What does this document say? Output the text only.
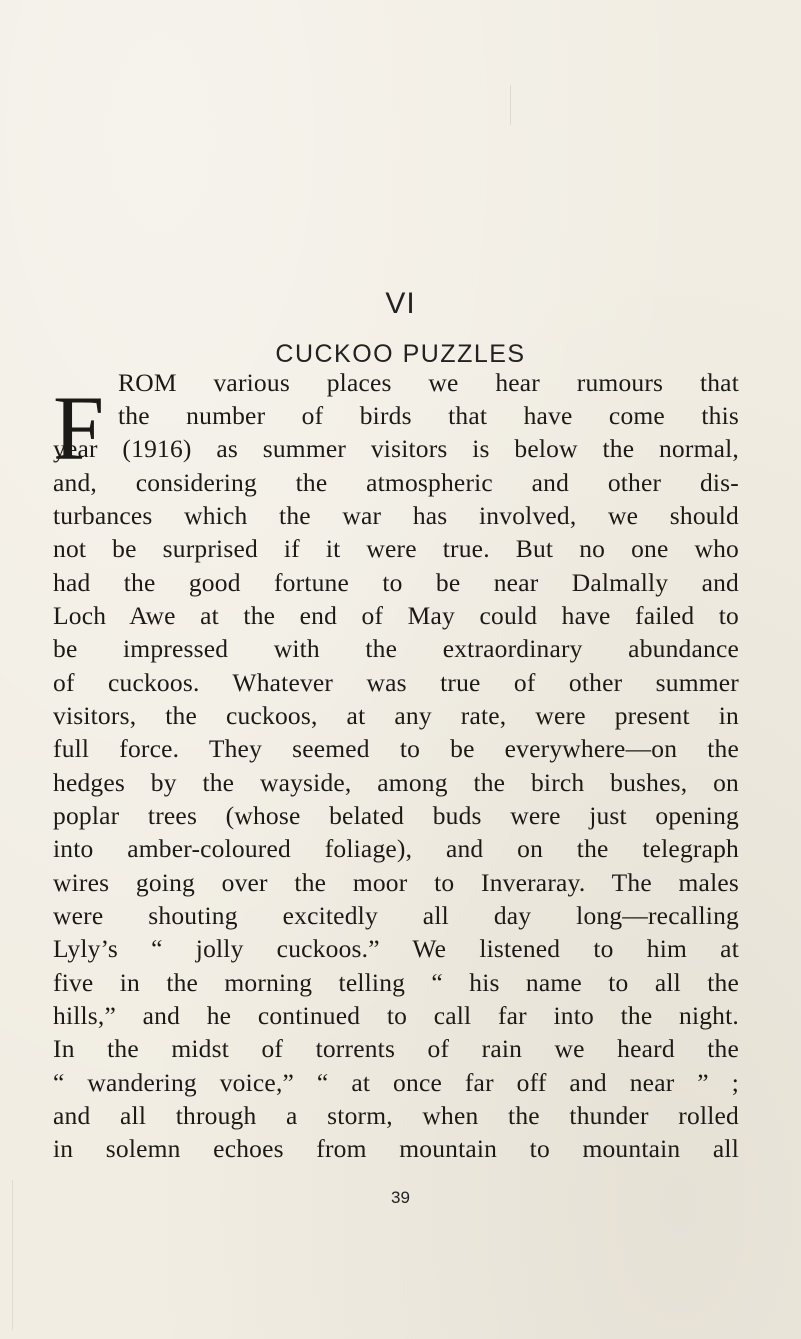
VI
CUCKOO PUZZLES
F ROM various places we hear rumours that
the number of birds that have come this
year (1916) as summer visitors is below the normal,
and, considering the atmospheric and other dis-
turbances which the war has involved, we should
not be surprised if it were true. But no one who
had the good fortune to be near Dalmally and
Loch Awe at the end of May could have failed to
be impressed with the extraordinary abundance
of cuckoos. Whatever was true of other summer
visitors, the cuckoos, at any rate, were present in
full force. They seemed to be everywhere—on the
hedges by the wayside, among the birch bushes, on
poplar trees (whose belated buds were just opening
into amber-coloured foliage), and on the telegraph
wires going over the moor to Inveraray. The males
were shouting excitedly all day long—recalling
Lyly’s “ jolly cuckoos.” We listened to him at
five in the morning telling “ his name to all the
hills,” and he continued to call far into the night.
In the midst of torrents of rain we heard the
“ wandering voice,” “ at once far off and near ” ;
and all through a storm, when the thunder rolled
in solemn echoes from mountain to mountain all
39
